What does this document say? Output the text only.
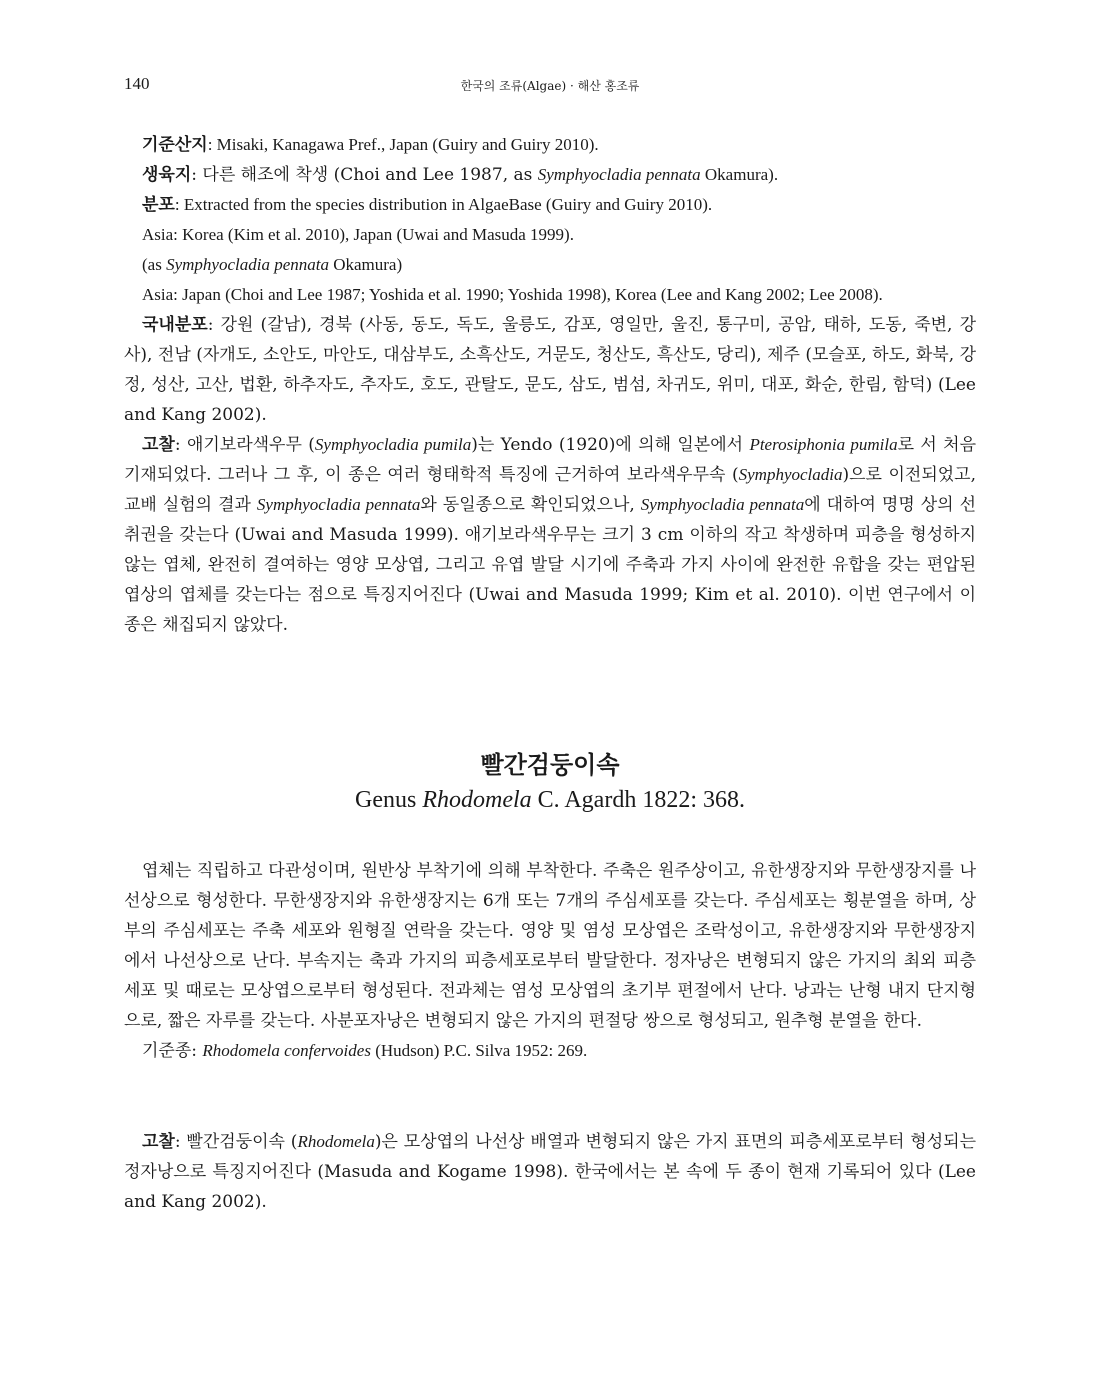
140	한국의 조류(Algae) · 해산 홍조류

기준산지: Misaki, Kanagawa Pref., Japan (Guiry and Guiry 2010).

생육지: 다른 해조에 착생 (Choi and Lee 1987, as Symphyocladia pennata Okamura).

분포: Extracted from the species distribution in AlgaeBase (Guiry and Guiry 2010).

Asia: Korea (Kim et al. 2010), Japan (Uwai and Masuda 1999).

(as Symphyocladia pennata Okamura)

Asia: Japan (Choi and Lee 1987; Yoshida et al. 1990; Yoshida 1998), Korea (Lee and Kang 2002; Lee 2008).

국내분포: 강원 (갈남), 경북 (사동, 동도, 독도, 울릉도, 감포, 영일만, 울진, 통구미, 공암, 태하, 도동, 죽변, 강사), 전남 (자개도, 소안도, 마안도, 대삼부도, 소흑산도, 거문도, 청산도, 흑산도, 당리), 제주 (모슬포, 하도, 화북, 강정, 성산, 고산, 법환, 하추자도, 추자도, 호도, 관탈도, 문도, 삼도, 범섬, 차귀도, 위미, 대포, 화순, 한림, 함덕) (Lee and Kang 2002).

고찰: 애기보라색우무 (Symphyocladia pumila)는 Yendo (1920)에 의해 일본에서 Pterosiphonia pumila로 서 처음 기재되었다. 그러나 그 후, 이 종은 여러 형태학적 특징에 근거하여 보라색우무속 (Symphyocladia)으로 이전되었고, 교배 실험의 결과 Symphyocladia pennata와 동일종으로 확인되었으나, Symphyocladia pennata에 대하여 명명 상의 선취권을 갖는다 (Uwai and Masuda 1999). 애기보라색우무는 크기 3 cm 이하의 작고 착생하며 피층을 형성하지 않는 엽체, 완전히 결여하는 영양 모상엽, 그리고 유엽 발달 시기에 주축과 가지 사이에 완전한 유합을 갖는 편압된 엽상의 엽체를 갖는다는 점으로 특징지어진다 (Uwai and Masuda 1999; Kim et al. 2010). 이번 연구에서 이 종은 채집되지 않았다.

빨간검둥이속
Genus Rhodomela C. Agardh 1822: 368.

엽체는 직립하고 다관성이며, 원반상 부착기에 의해 부착한다. 주축은 원주상이고, 유한생장지와 무한생장지를 나선상으로 형성한다. 무한생장지와 유한생장지는 6개 또는 7개의 주심세포를 갖는다. 주심세포는 횡분열을 하며, 상부의 주심세포는 주축 세포와 원형질 연락을 갖는다. 영양 및 염성 모상엽은 조락성이고, 유한생장지와 무한생장지에서 나선상으로 난다. 부속지는 축과 가지의 피층세포로부터 발달한다. 정자낭은 변형되지 않은 가지의 최외 피층세포 및 때로는 모상엽으로부터 형성된다. 전과체는 염성 모상엽의 초기부 편절에서 난다. 낭과는 난형 내지 단지형으로, 짧은 자루를 갖는다. 사분포자낭은 변형되지 않은 가지의 편절당 쌍으로 형성되고, 원추형 분열을 한다.

기준종: Rhodomela confervoides (Hudson) P.C. Silva 1952: 269.

고찰: 빨간검둥이속 (Rhodomela)은 모상엽의 나선상 배열과 변형되지 않은 가지 표면의 피층세포로부터 형성되는 정자낭으로 특징지어진다 (Masuda and Kogame 1998). 한국에서는 본 속에 두 종이 현재 기록되어 있다 (Lee and Kang 2002).
